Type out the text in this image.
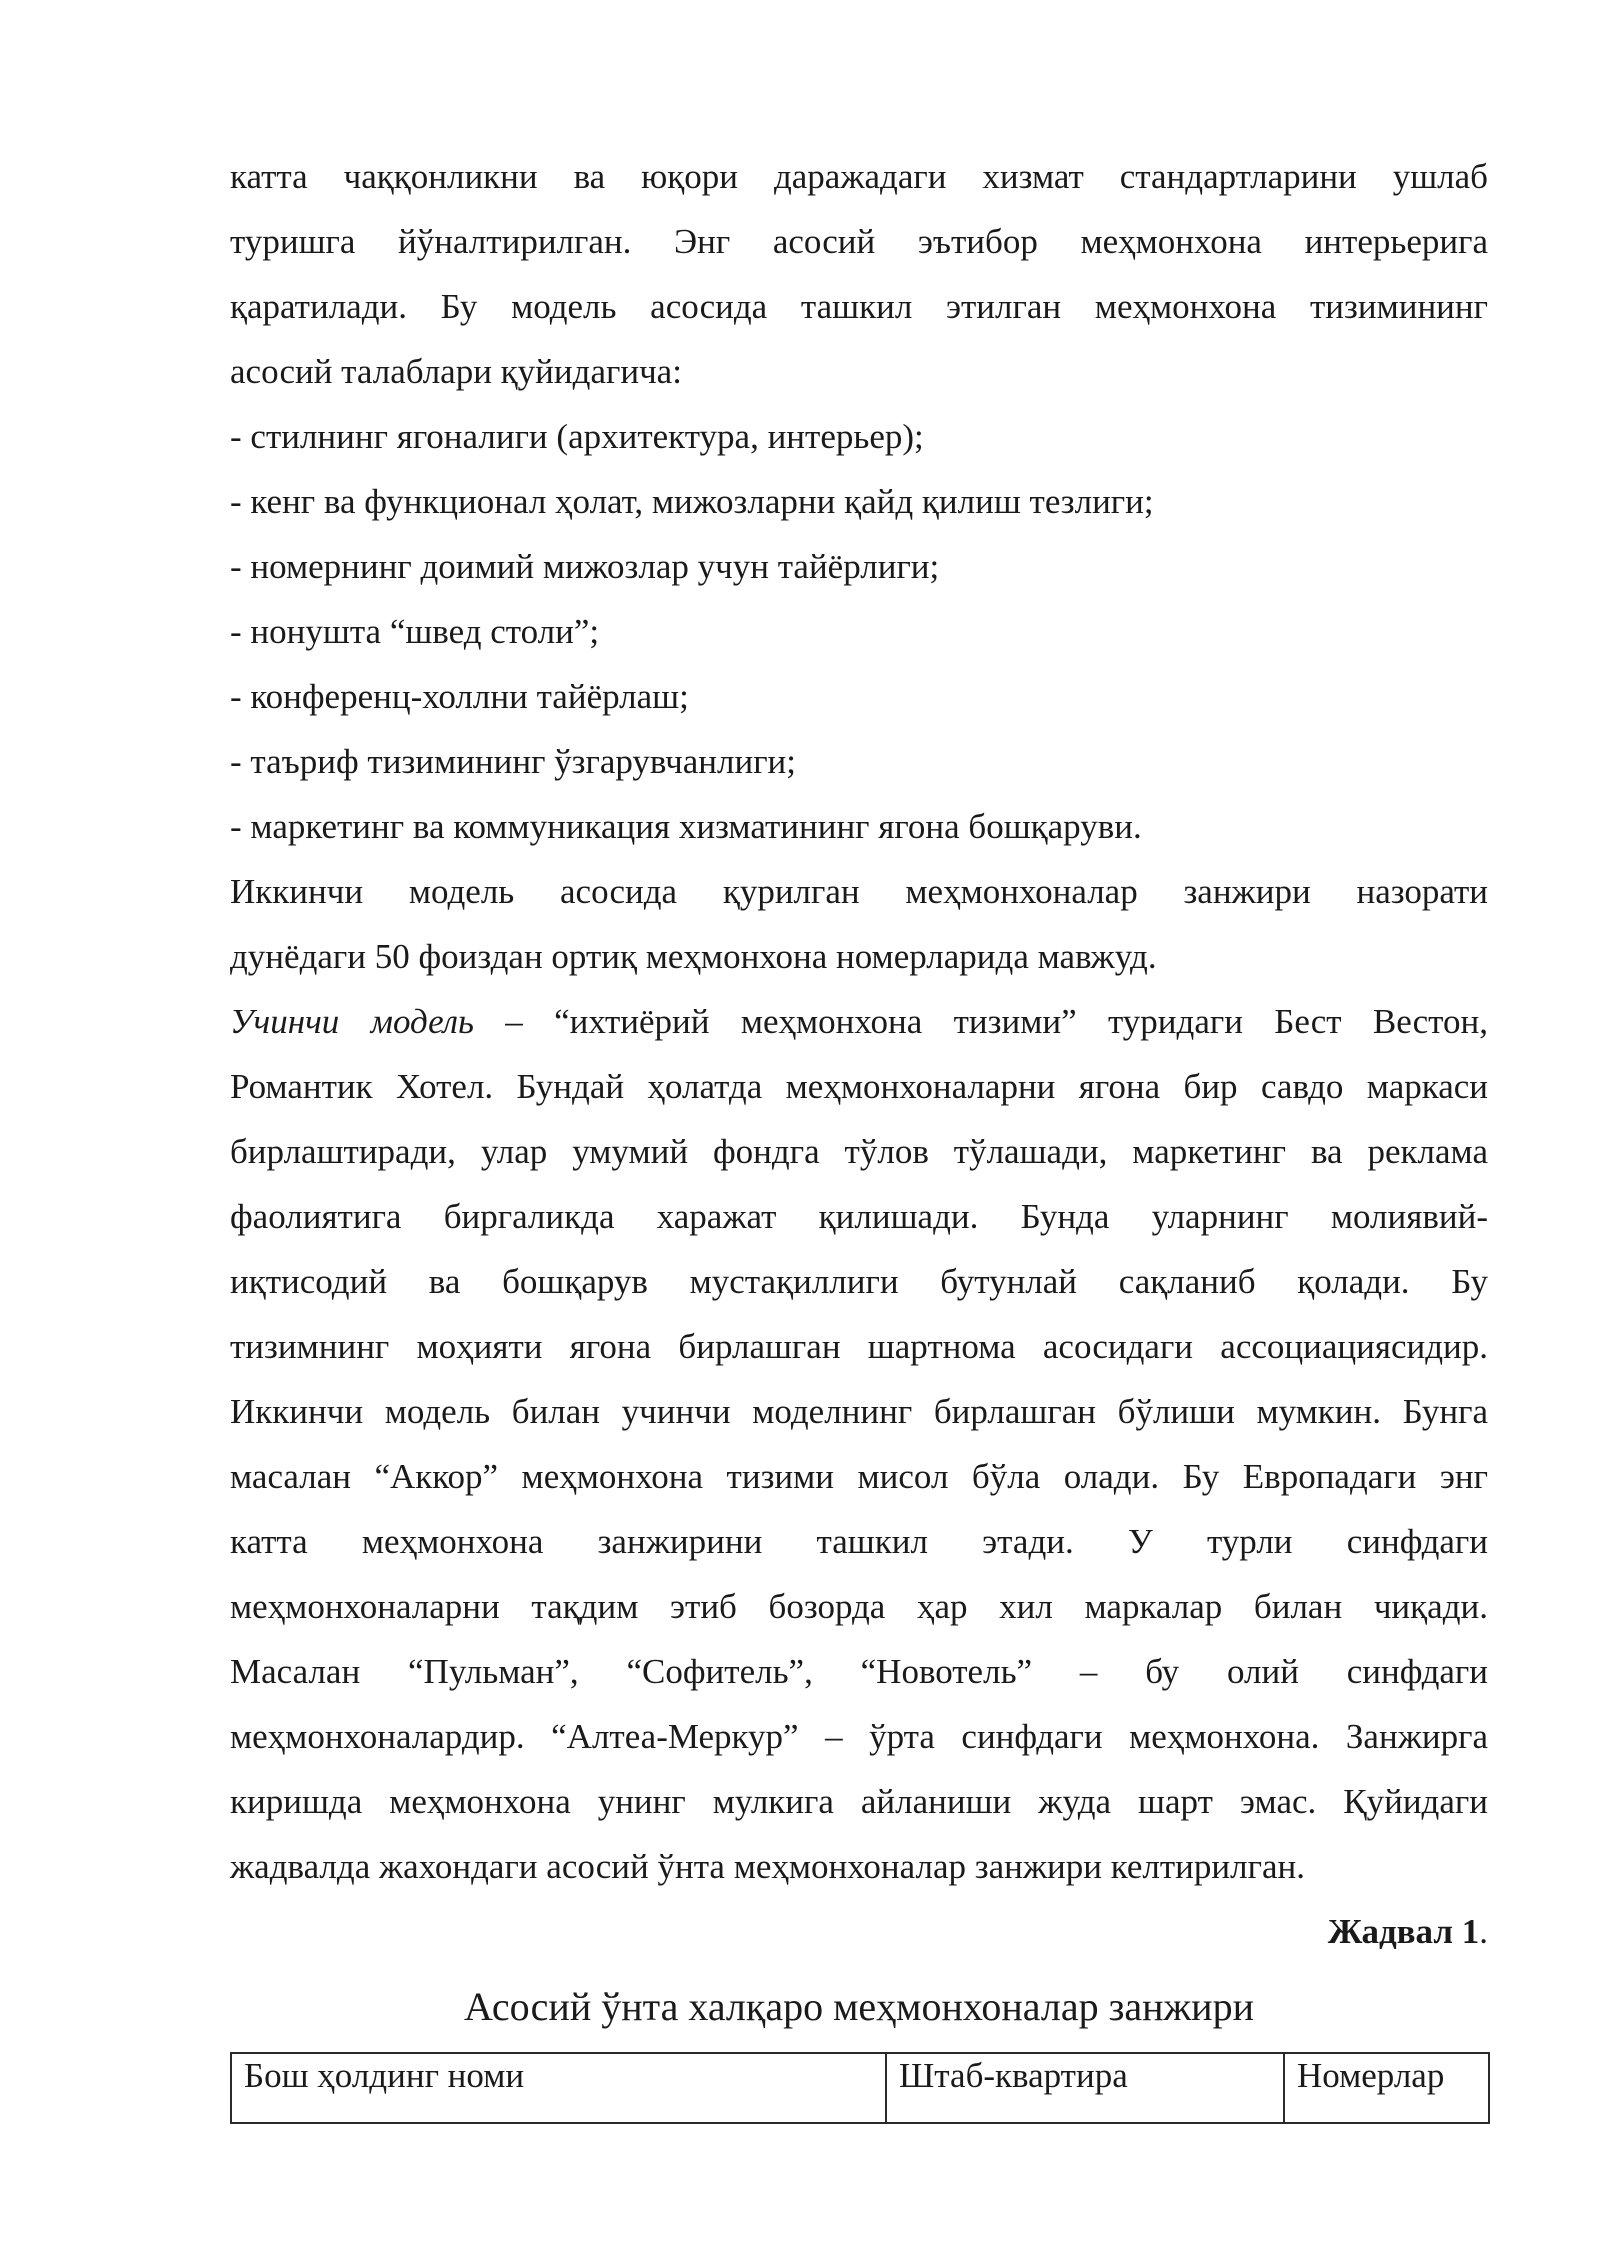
катта чаққонликни ва юқори даражадаги хизмат стандартларини ушлаб
туришга йўналтирилган. Энг асосий эътибор меҳмонхона интерьерига
қаратилади. Бу модель асосида ташкил этилган меҳмонхона тизимининг
асосий талаблари қуйидагича:
- стилнинг ягоналиги (архитектура, интерьер);
- кенг ва функционал ҳолат, мижозларни қайд қилиш тезлиги;
- номернинг доимий мижозлар учун тайёрлиги;
- нонушта “швед столи”;
- конференц-холлни тайёрлаш;
- таъриф тизимининг ўзгарувчанлиги;
- маркетинг ва коммуникация хизматининг ягона бошқаруви.
Иккинчи модель асосида қурилган меҳмонхоналар занжири назорати
дунёдаги 50 фоиздан ортиқ меҳмонхона номерларида мавжуд.
Учинчи модель – “ихтиёрий меҳмонхона тизими” туридаги Бест Вестон,
Романтик Хотел. Бундай ҳолатда меҳмонхоналарни ягона бир савдо маркаси
бирлаштиради, улар умумий фондга тўлов тўлашади, маркетинг ва реклама
фаолиятига биргаликда харажат қилишади. Бунда уларнинг молиявий-
иқтисодий ва бошқарув мустақиллиги бутунлай сақланиб қолади. Бу
тизимнинг моҳияти ягона бирлашган шартнома асосидаги ассоциациясидир.
Иккинчи модель билан учинчи моделнинг бирлашган бўлиши мумкин. Бунга
масалан “Аккор” меҳмонхона тизими мисол бўла олади. Бу Европадаги энг
катта меҳмонхона занжирини ташкил этади. У турли синфдаги
меҳмонхоналарни тақдим этиб бозорда ҳар хил маркалар билан чиқади.
Масалан “Пульман”, “Софитель”, “Новотель” – бу олий синфдаги
меҳмонхоналардир. “Алтеа-Меркур” – ўрта синфдаги меҳмонхона. Занжирга
киришда меҳмонхона унинг мулкига айланиши жуда шарт эмас. Қуйидаги
жадвалда жахондаги асосий ўнта меҳмонхоналар занжири келтирилган.
Жадвал 1.
Асосий ўнта халқаро меҳмонхоналар занжири
Бош ҳолдинг номи	Штаб-квартира	Номерлар
